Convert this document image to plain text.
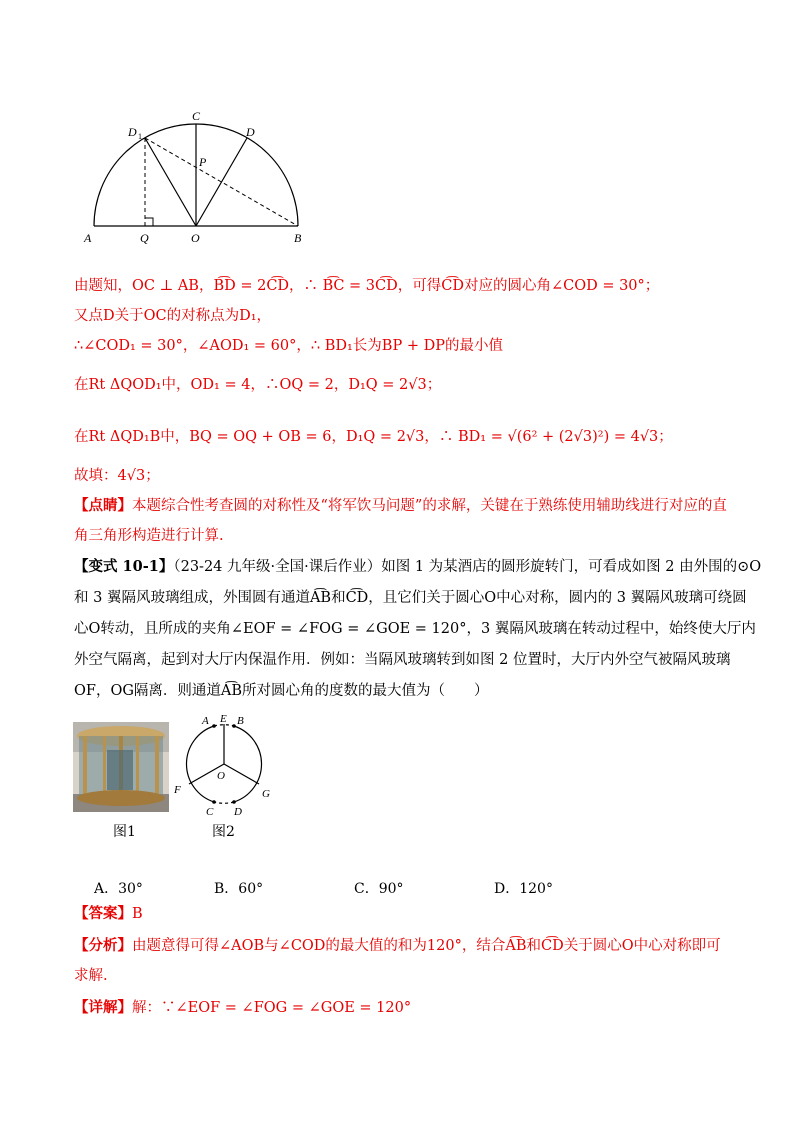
A	Q	O	B
C
D
D 1
P
由题知，OC ⊥ AB，B͡D = 2C͡D，∴ B͡C = 3C͡D，可得C͡D对应的圆心角∠COD = 30°；
又点D关于OC的对称点为D₁，
∴∠COD₁ = 30°，∠AOD₁ = 60°，∴ BD₁长为BP + DP的最小值
在Rt ΔQOD₁中，OD₁ = 4，∴OQ = 2，D₁Q = 2√3；
在Rt ΔQD₁B中，BQ = OQ + OB = 6，D₁Q = 2√3，∴ BD₁ = √(6² + (2√3)²) = 4√3；
故填：4√3；
【点睛】本题综合性考查圆的对称性及“将军饮马问题”的求解，关键在于熟练使用辅助线进行对应的直
角三角形构造进行计算.
【变式 10-1】（23-24 九年级·全国·课后作业）如图 1 为某酒店的圆形旋转门，可看成如图 2 由外围的⊙O
和 3 翼隔风玻璃组成，外围圆有通道A͡B和C͡D，且它们关于圆心O中心对称，圆内的 3 翼隔风玻璃可绕圆
心O转动，且所成的夹角∠EOF = ∠FOG = ∠GOE = 120°，3 翼隔风玻璃在转动过程中，始终使大厅内
外空气隔离，起到对大厅内保温作用．例如：当隔风玻璃转到如图 2 位置时，大厅内外空气被隔风玻璃
OF，OG隔离．则通道A͡B所对圆心角的度数的最大值为（　　）
图1
A E B
O
F	G
C D
图2
A．30°	B．60°	C．90°	D．120°
【答案】B
【分析】由题意得可得∠AOB与∠COD的最大值的和为120°，结合A͡B和C͡D关于圆心O中心对称即可
求解.
【详解】解：∵∠EOF = ∠FOG = ∠GOE = 120°
